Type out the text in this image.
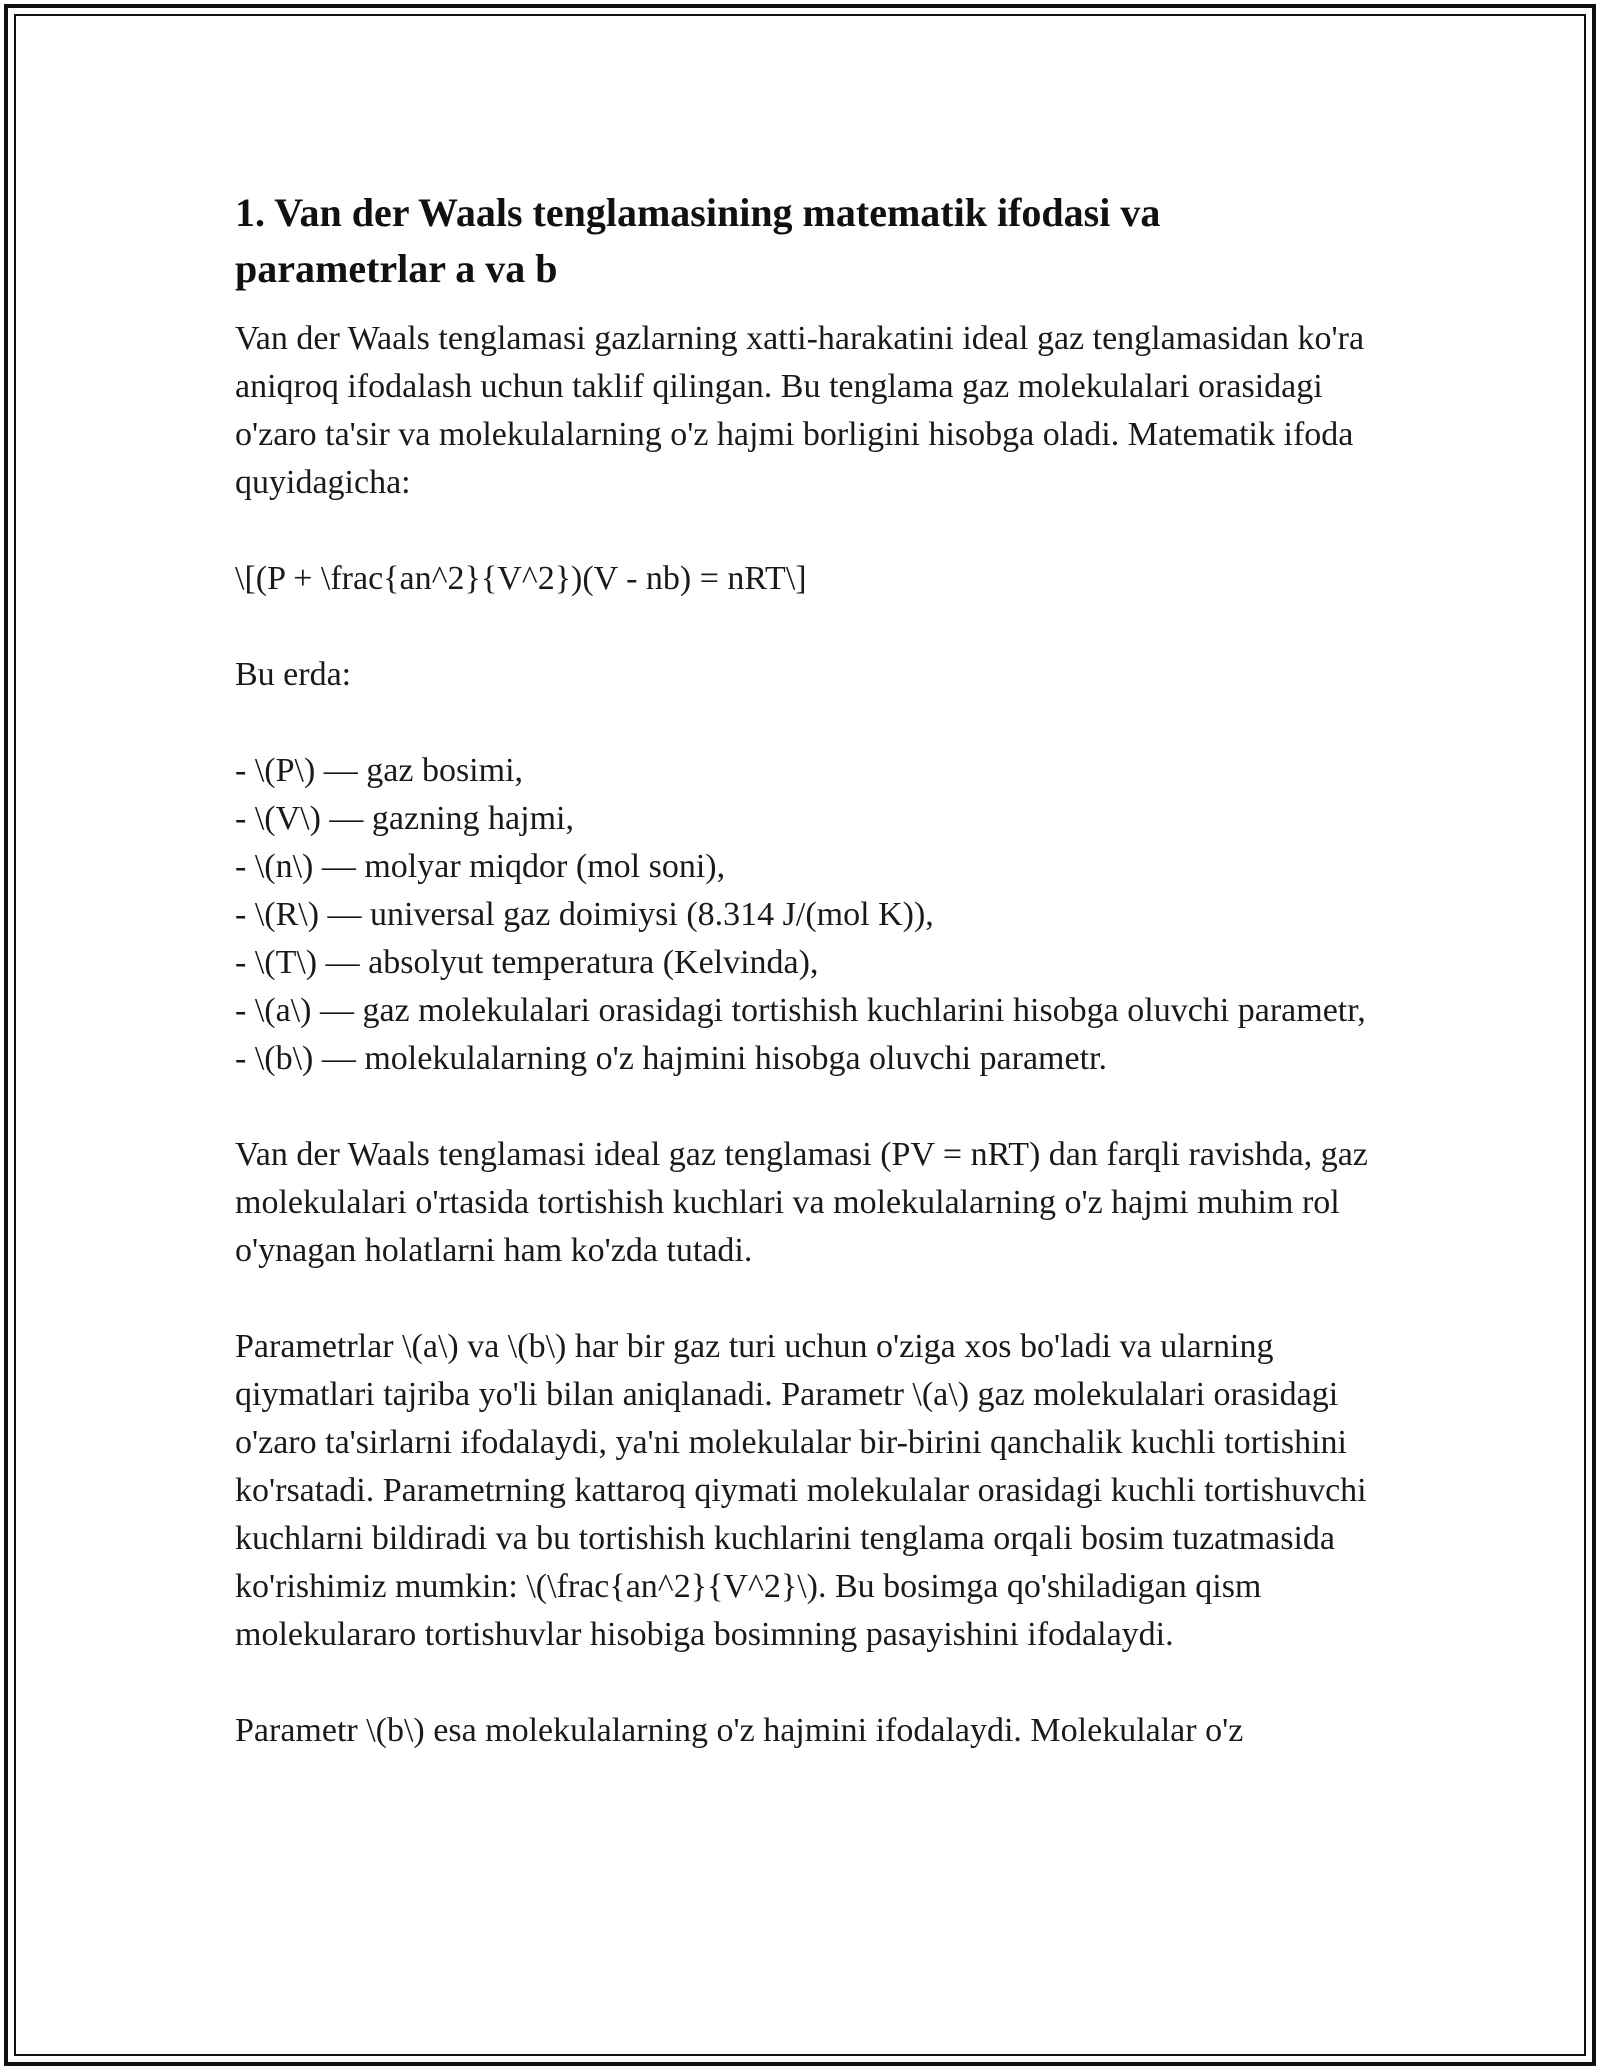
1. Van der Waals tenglamasining matematik ifodasi va parametrlar a va b

Van der Waals tenglamasi gazlarning xatti-harakatini ideal gaz tenglamasidan ko'ra aniqroq ifodalash uchun taklif qilingan. Bu tenglama gaz molekulalari orasidagi o'zaro ta'sir va molekulalarning o'z hajmi borligini hisobga oladi. Matematik ifoda quyidagicha:

\[(P + \frac{an^2}{V^2})(V - nb) = nRT\]

Bu erda:

- \(P\) — gaz bosimi,
- \(V\) — gazning hajmi,
- \(n\) — molyar miqdor (mol soni),
- \(R\) — universal gaz doimiysi (8.314 J/(mol K)),
- \(T\) — absolyut temperatura (Kelvinda),
- \(a\) — gaz molekulalari orasidagi tortishish kuchlarini hisobga oluvchi parametr,
- \(b\) — molekulalarning o'z hajmini hisobga oluvchi parametr.

Van der Waals tenglamasi ideal gaz tenglamasi (PV = nRT) dan farqli ravishda, gaz molekulalari o'rtasida tortishish kuchlari va molekulalarning o'z hajmi muhim rol o'ynagan holatlarni ham ko'zda tutadi.

Parametrlar \(a\) va \(b\) har bir gaz turi uchun o'ziga xos bo'ladi va ularning qiymatlari tajriba yo'li bilan aniqlanadi. Parametr \(a\) gaz molekulalari orasidagi o'zaro ta'sirlarni ifodalaydi, ya'ni molekulalar bir-birini qanchalik kuchli tortishini ko'rsatadi. Parametrning kattaroq qiymati molekulalar orasidagi kuchli tortishuvchi kuchlarni bildiradi va bu tortishish kuchlarini tenglama orqali bosim tuzatmasida ko'rishimiz mumkin: \(\frac{an^2}{V^2}\). Bu bosimga qo'shiladigan qism molekulararo tortishuvlar hisobiga bosimning pasayishini ifodalaydi.

Parametr \(b\) esa molekulalarning o'z hajmini ifodalaydi. Molekulalar o'z
